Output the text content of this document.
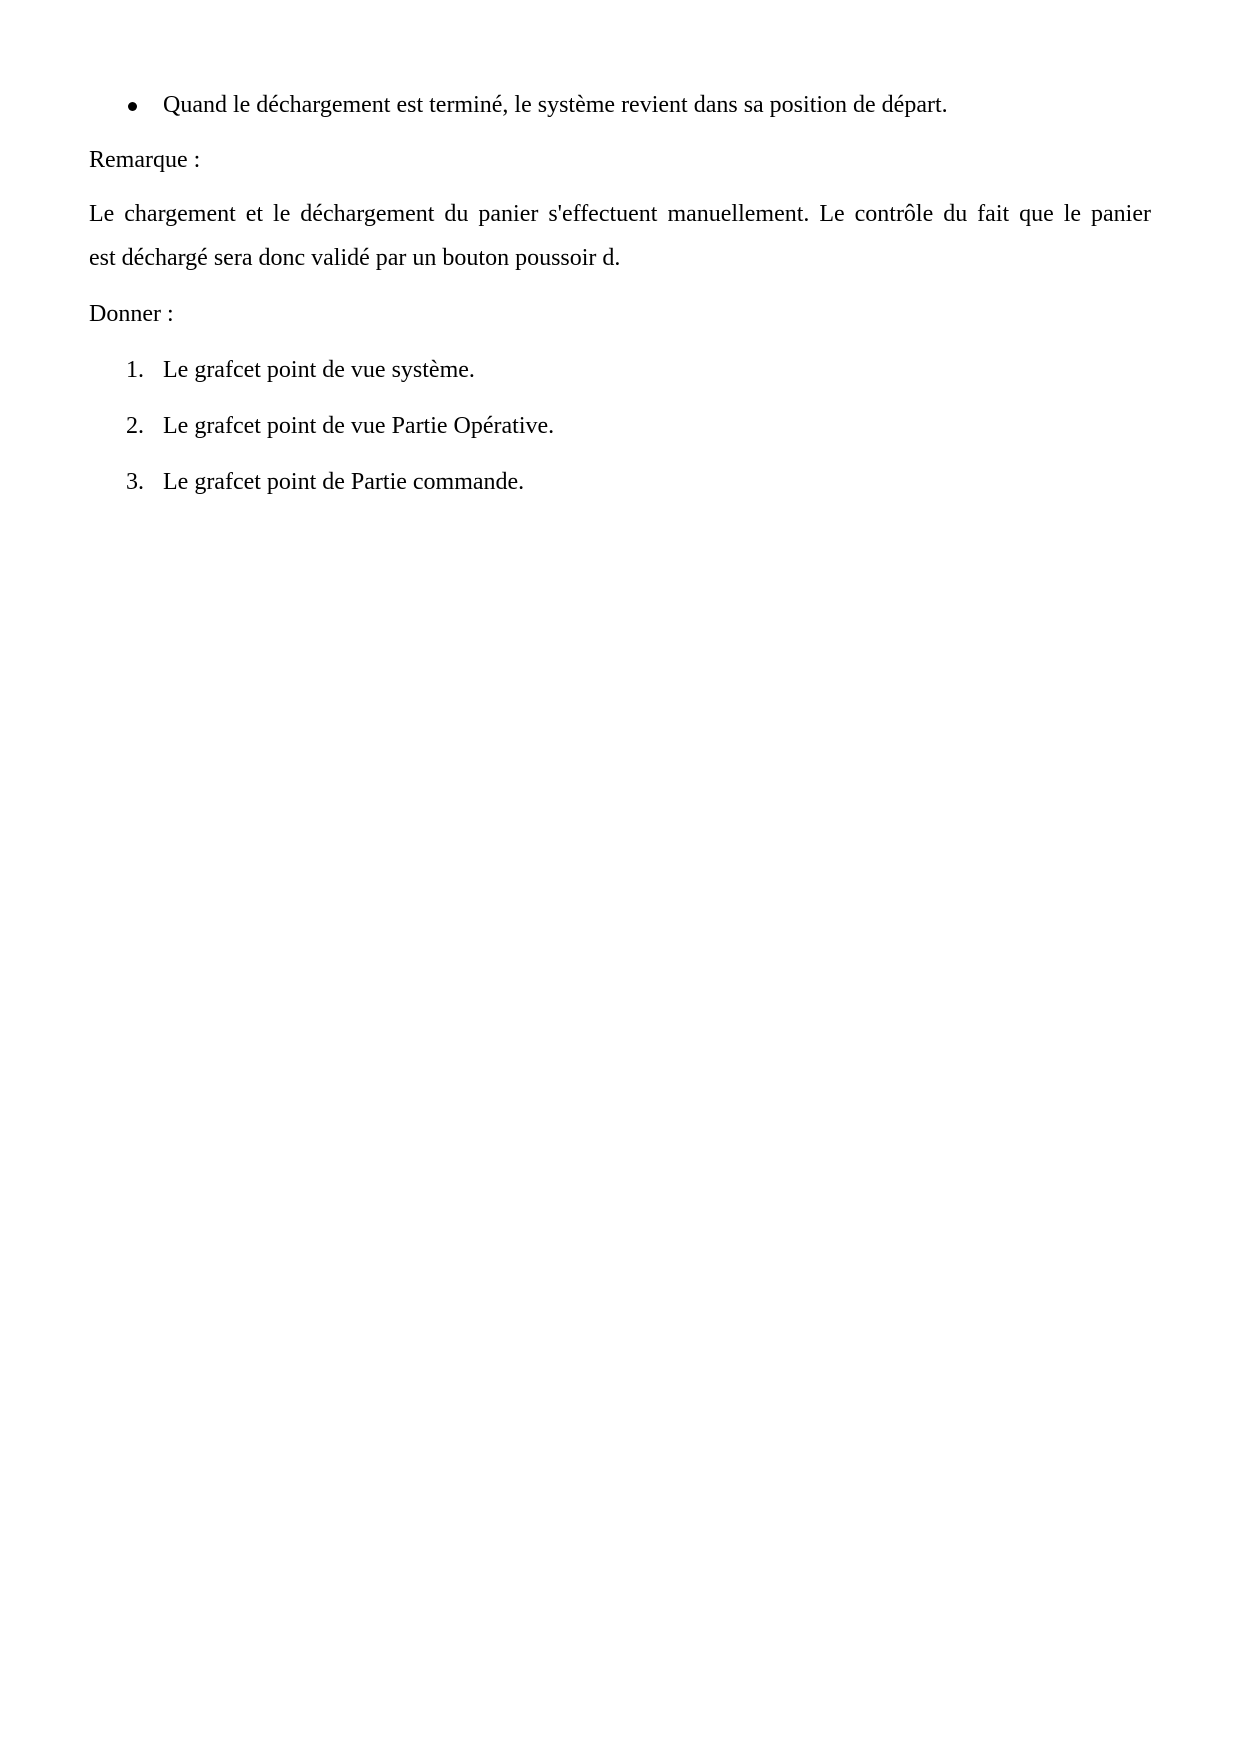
Quand le déchargement est terminé, le système revient dans sa position de départ.
Remarque :
Le chargement et le déchargement du panier s'effectuent manuellement. Le contrôle du fait que le panier
est déchargé sera donc validé par un bouton poussoir d.
Donner :
1. Le grafcet point de vue système.
2. Le grafcet point de vue Partie Opérative.
3. Le grafcet point de Partie commande.
